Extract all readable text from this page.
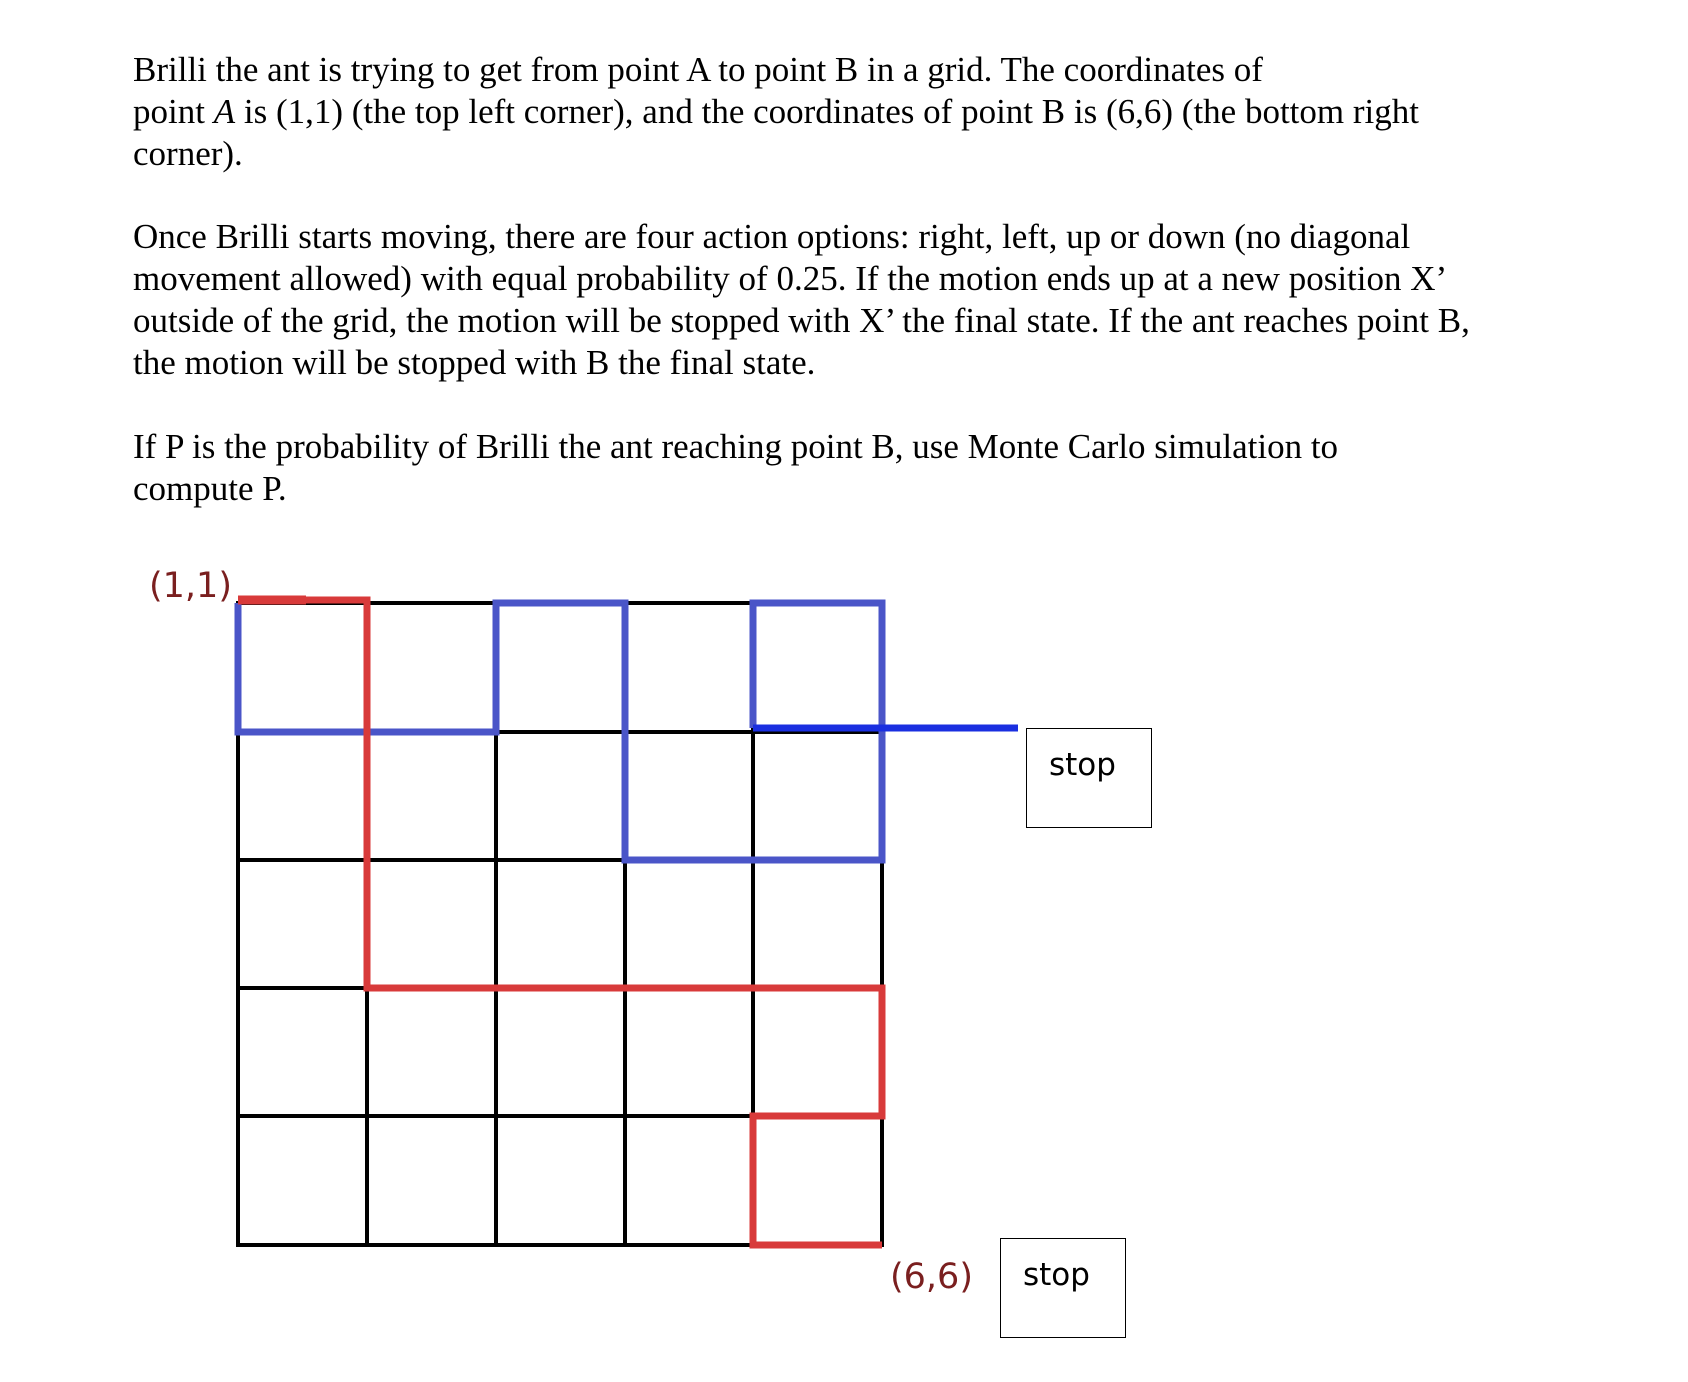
Brilli the ant is trying to get from point A to point B in a grid. The coordinates of
point A is (1,1) (the top left corner), and the coordinates of point B is (6,6) (the bottom right
corner).
Once Brilli starts moving, there are four action options: right, left, up or down (no diagonal
movement allowed) with equal probability of 0.25. If the motion ends up at a new position X’
outside of the grid, the motion will be stopped with X’ the final state. If the ant reaches point B,
the motion will be stopped with B the final state.
If P is the probability of Brilli the ant reaching point B, use Monte Carlo simulation to
compute P.
(1,1)
(6,6)
stop
stop
